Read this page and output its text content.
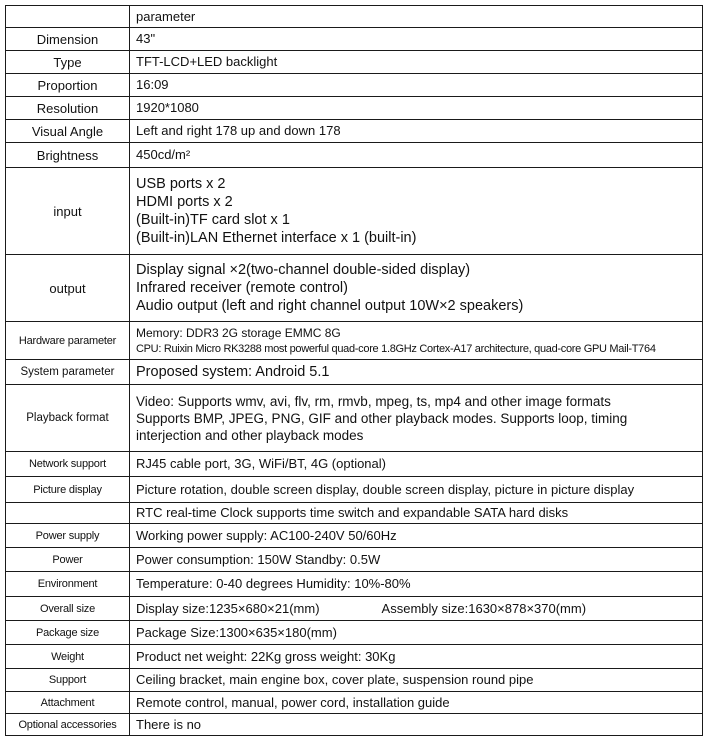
	parameter
Dimension	43"
Type	TFT-LCD+LED backlight
Proportion	16:09
Resolution	1920*1080
Visual Angle	Left and right 178 up and down 178
Brightness	450cd/m²
input	USB ports x 2
HDMI ports x 2
(Built-in)TF card slot x 1
(Built-in)LAN Ethernet interface x 1 (built-in)

output	Display signal ×2(two-channel double-sided display)
Infrared receiver (remote control)
Audio output (left and right channel output 10W×2 speakers)

Hardware parameter	Memory: DDR3 2G storage EMMC 8G
CPU: Ruixin Micro RK3288 most powerful quad-core 1.8GHz Cortex-A17 architecture, quad-core GPU Mail-T764

System parameter	Proposed system: Android 5.1
Playback format	Video: Supports wmv, avi, flv, rm, rmvb, mpeg, ts, mp4 and other image formats
Supports BMP, JPEG, PNG, GIF and other playback modes. Supports loop, timing
interjection and other playback modes

Network support	RJ45 cable port, 3G, WiFi/BT, 4G (optional)
Picture display	Picture rotation, double screen display, double screen display, picture in picture display
	RTC real-time Clock supports time switch and expandable SATA hard disks
Power supply	Working power supply: AC100-240V 50/60Hz
Power	Power consumption: 150W Standby: 0.5W
Environment	Temperature: 0-40 degrees Humidity: 10%-80%
Overall size	Display size:1235×680×21(mm) Assembly size:1630×878×370(mm)
Package size	Package Size:1300×635×180(mm)
Weight	Product net weight: 22Kg gross weight: 30Kg
Support	Ceiling bracket, main engine box, cover plate, suspension round pipe
Attachment	Remote control, manual, power cord, installation guide
Optional accessories	There is no
